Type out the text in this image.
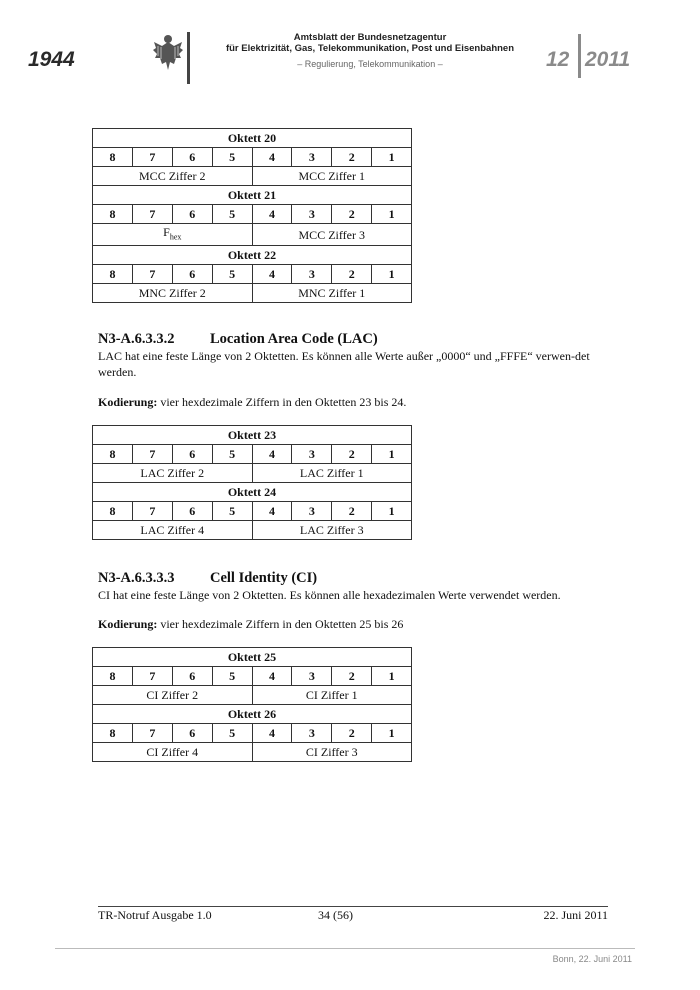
1944
Amtsblatt der Bundesnetzagentur
für Elektrizität, Gas, Telekommunikation, Post und Eisenbahnen
– Regulierung, Telekommunikation –	12 2011
Oktett 20							
8	7	6	5	4	3	2	1
MCC Ziffer 2				MCC Ziffer 1			
Oktett 21							
8	7	6	5	4	3	2	1
$F_{hex}$				MCC Ziffer 3			
Oktett 22							
8	7	6	5	4	3	2	1
MNC Ziffer 2				MNC Ziffer 1			
N3-A.6.3.3.2 Location Area Code (LAC)
LAC hat eine feste Länge von 2 Oktetten. Es können alle Werte außer „0000“ und „FFFE“ verwen-det werden.
Kodierung: vier hexdezimale Ziffern in den Oktetten 23 bis 24.
Oktett 23							
8	7	6	5	4	3	2	1
LAC Ziffer 2				LAC Ziffer 1			
Oktett 24							
8	7	6	5	4	3	2	1
LAC Ziffer 4				LAC Ziffer 3			
N3-A.6.3.3.3 Cell Identity (CI)
CI hat eine feste Länge von 2 Oktetten. Es können alle hexadezimalen Werte verwendet werden.
Kodierung: vier hexdezimale Ziffern in den Oktetten 25 bis 26
Oktett 25							
8	7	6	5	4	3	2	1
CI Ziffer 2				CI Ziffer 1			
Oktett 26							
8	7	6	5	4	3	2	1
CI Ziffer 4				CI Ziffer 3			
TR-Notruf Ausgabe 1.0	34 (56)	22. Juni 2011
Bonn, 22. Juni 2011
